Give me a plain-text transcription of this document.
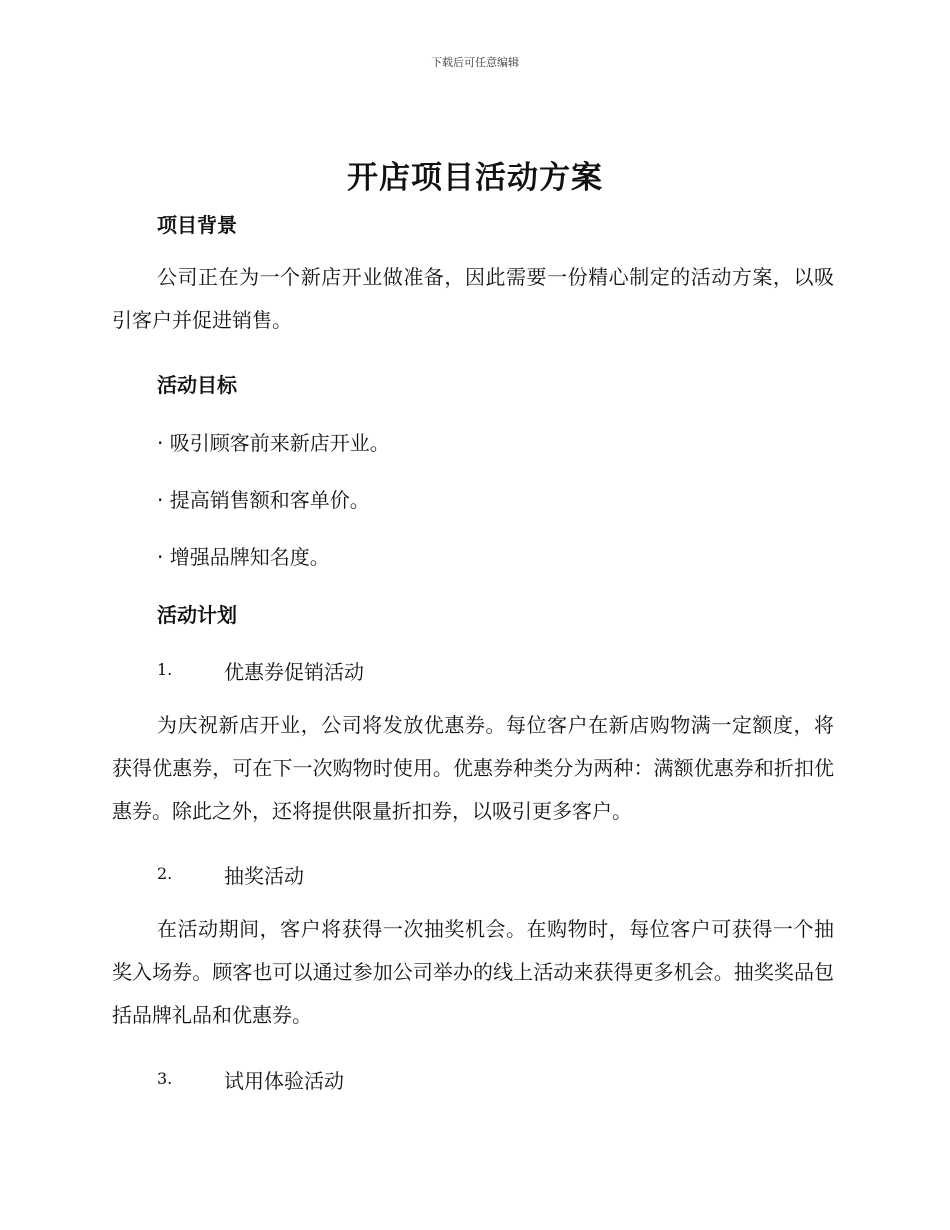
下载后可任意编辑
开店项目活动方案
项目背景
公司正在为一个新店开业做准备，因此需要一份精心制定的活动方案，以吸引客户并促进销售。
活动目标
· 吸引顾客前来新店开业。
· 提高销售额和客单价。
· 增强品牌知名度。
活动计划
1.	优惠券促销活动
为庆祝新店开业，公司将发放优惠券。每位客户在新店购物满一定额度，将获得优惠券，可在下一次购物时使用。优惠券种类分为两种：满额优惠券和折扣优惠券。除此之外，还将提供限量折扣券，以吸引更多客户。
2.	抽奖活动
在活动期间，客户将获得一次抽奖机会。在购物时，每位客户可获得一个抽奖入场券。顾客也可以通过参加公司举办的线上活动来获得更多机会。抽奖奖品包括品牌礼品和优惠券。
3.	试用体验活动
